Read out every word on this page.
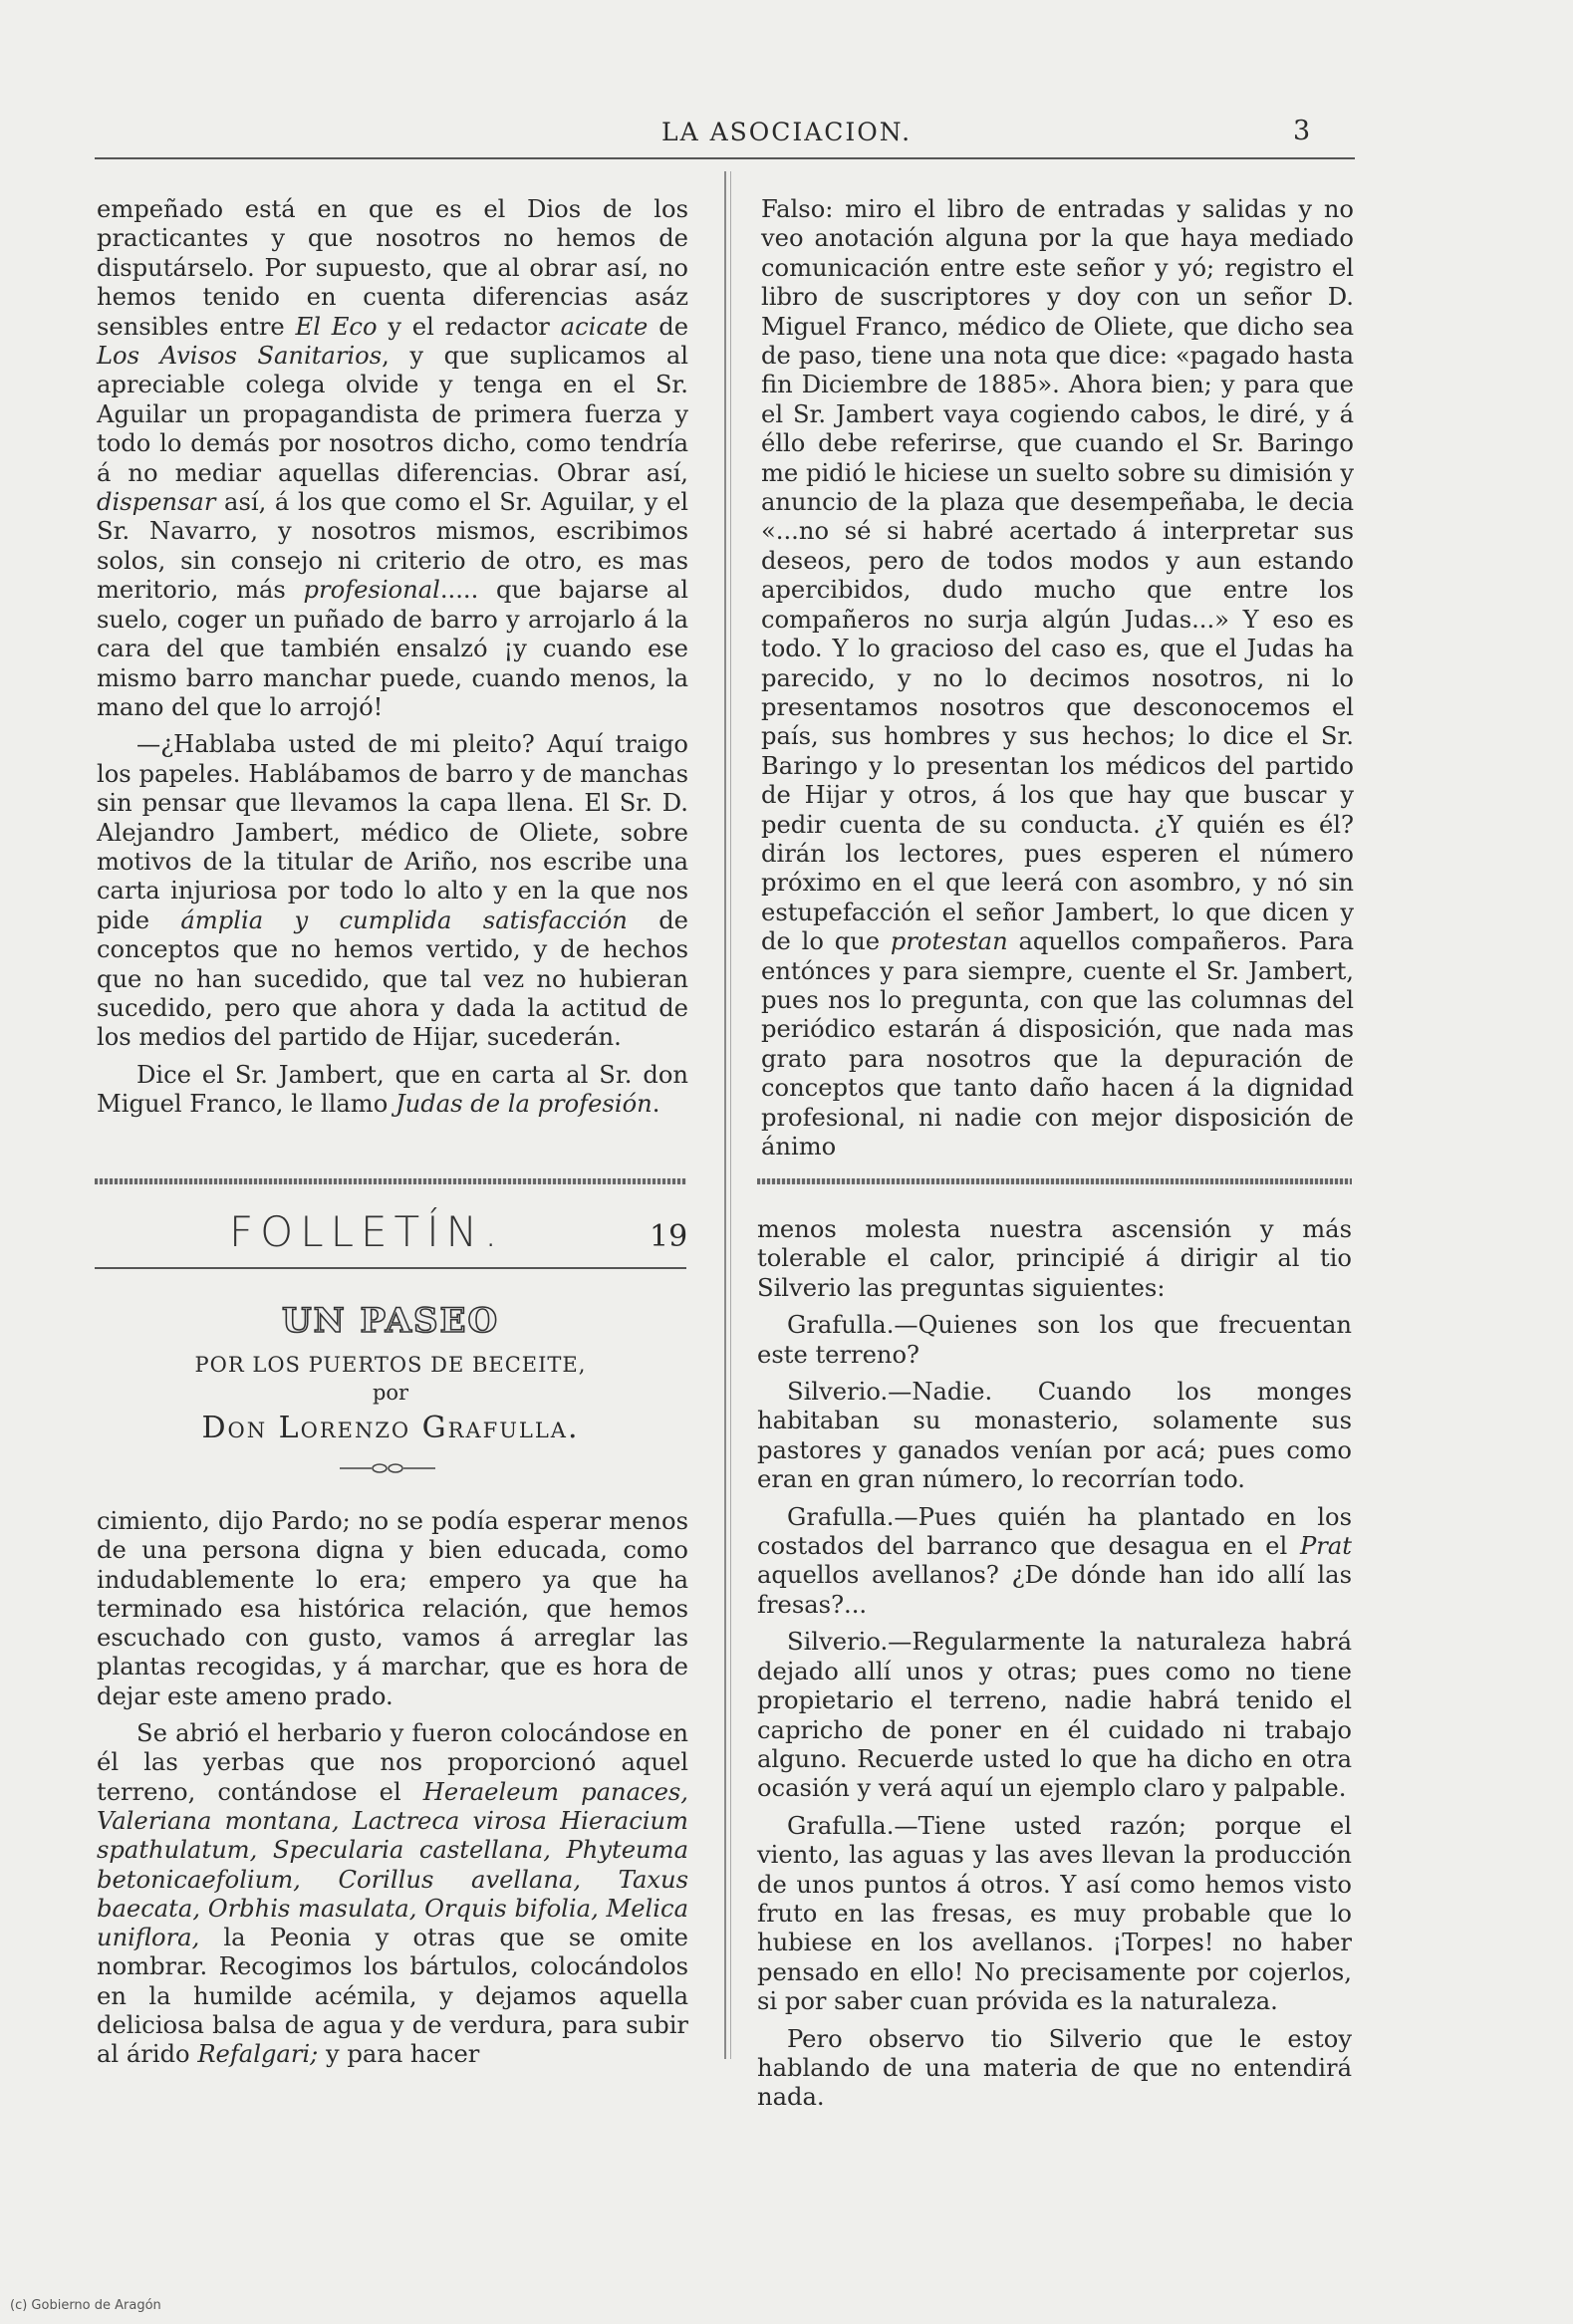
LA ASOCIACION.	3

empeñado está en que es el Dios de los practicantes y que nosotros no hemos de disputárselo. Por supuesto, que al obrar así, no hemos tenido en cuenta diferencias asáz sensibles entre El Eco y el redactor acicate de Los Avisos Sanitarios, y que suplicamos al apreciable colega olvide y tenga en el Sr. Aguilar un propagandista de primera fuerza y todo lo demás por nosotros dicho, como tendría á no mediar aquellas diferencias. Obrar así, dispensar así, á los que como el Sr. Aguilar, y el Sr. Navarro, y nosotros mismos, escribimos solos, sin consejo ni criterio de otro, es mas meritorio, más profesional..... que bajarse al suelo, coger un puñado de barro y arrojarlo á la cara del que también ensalzó ¡y cuando ese mismo barro manchar puede, cuando menos, la mano del que lo arrojó!

—¿Hablaba usted de mi pleito? Aquí traigo los papeles. Hablábamos de barro y de manchas sin pensar que llevamos la capa llena. El Sr. D. Alejandro Jambert, médico de Oliete, sobre motivos de la titular de Ariño, nos escribe una carta injuriosa por todo lo alto y en la que nos pide ámplia y cumplida satisfacción de conceptos que no hemos vertido, y de hechos que no han sucedido, que tal vez no hubieran sucedido, pero que ahora y dada la actitud de los medios del partido de Hijar, sucederán.

Dice el Sr. Jambert, que en carta al Sr. don Miguel Franco, le llamo Judas de la profesión.

Falso: miro el libro de entradas y salidas y no veo anotación alguna por la que haya mediado comunicación entre este señor y yó; registro el libro de suscriptores y doy con un señor D. Miguel Franco, médico de Oliete, que dicho sea de paso, tiene una nota que dice: «pagado hasta fin Diciembre de 1885». Ahora bien; y para que el Sr. Jambert vaya cogiendo cabos, le diré, y á éllo debe referirse, que cuando el Sr. Baringo me pidió le hiciese un suelto sobre su dimisión y anuncio de la plaza que desempeñaba, le decia «...no sé si habré acertado á interpretar sus deseos, pero de todos modos y aun estando apercibidos, dudo mucho que entre los compañeros no surja algún Judas...» Y eso es todo. Y lo gracioso del caso es, que el Judas ha parecido, y no lo decimos nosotros, ni lo presentamos nosotros que desconocemos el país, sus hombres y sus hechos; lo dice el Sr. Baringo y lo presentan los médicos del partido de Hijar y otros, á los que hay que buscar y pedir cuenta de su conducta. ¿Y quién es él? dirán los lectores, pues esperen el número próximo en el que leerá con asombro, y nó sin estupefacción el señor Jambert, lo que dicen y de lo que protestan aquellos compañeros. Para entónces y para siempre, cuente el Sr. Jambert, pues nos lo pregunta, con que las columnas del periódico estarán á disposición, que nada mas grato para nosotros que la depuración de conceptos que tanto daño hacen á la dignidad profesional, ni nadie con mejor disposición de ánimo

FOLLETÍN.	19
UN PASEO
POR LOS PUERTOS DE BECEITE,
por
Don Lorenzo Grafulla.

cimiento, dijo Pardo; no se podía esperar menos de una persona digna y bien educada, como indudablemente lo era; empero ya que ha terminado esa histórica relación, que hemos escuchado con gusto, vamos á arreglar las plantas recogidas, y á marchar, que es hora de dejar este ameno prado.

Se abrió el herbario y fueron colocándose en él las yerbas que nos proporcionó aquel terreno, contándose el Heraeleum panaces, Valeriana montana, Lactreca virosa Hieracium spathulatum, Specularia castellana, Phyteuma betonicaefolium, Corillus avellana, Taxus baecata, Orbhis masulata, Orquis bifolia, Melica uniflora, la Peonia y otras que se omite nombrar. Recogimos los bártulos, colocándolos en la humilde acémila, y dejamos aquella deliciosa balsa de agua y de verdura, para subir al árido Refalgari; y para hacer

menos molesta nuestra ascensión y más tolerable el calor, principié á dirigir al tio Silverio las preguntas siguientes:

Grafulla.—Quienes son los que frecuentan este terreno?

Silverio.—Nadie. Cuando los monges habitaban su monasterio, solamente sus pastores y ganados venían por acá; pues como eran en gran número, lo recorrían todo.

Grafulla.—Pues quién ha plantado en los costados del barranco que desagua en el Prat aquellos avellanos? ¿De dónde han ido allí las fresas?...

Silverio.—Regularmente la naturaleza habrá dejado allí unos y otras; pues como no tiene propietario el terreno, nadie habrá tenido el capricho de poner en él cuidado ni trabajo alguno. Recuerde usted lo que ha dicho en otra ocasión y verá aquí un ejemplo claro y palpable.

Grafulla.—Tiene usted razón; porque el viento, las aguas y las aves llevan la producción de unos puntos á otros. Y así como hemos visto fruto en las fresas, es muy probable que lo hubiese en los avellanos. ¡Torpes! no haber pensado en ello! No precisamente por cojerlos, si por saber cuan próvida es la naturaleza.

Pero observo tio Silverio que le estoy hablando de una materia de que no entendirá nada.

(c) Gobierno de Aragón
